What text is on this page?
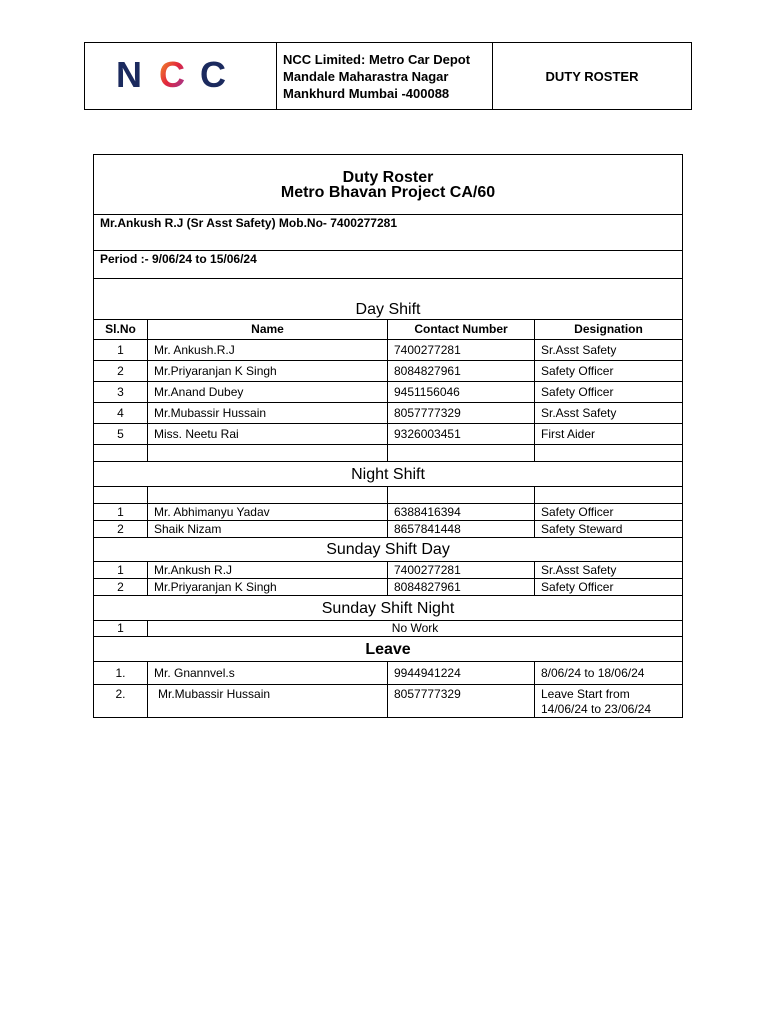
N C C	NCC Limited: Metro Car Depot
Mandale Maharastra Nagar
Mankhurd Mumbai -400088
	DUTY ROSTER
Duty Roster
Metro Bhavan Project CA/60			

Mr.Ankush R.J (Sr Asst Safety) Mob.No- 7400277281			
Period :- 9/06/24 to 15/06/24			
Day Shift			
Sl.No	Name	Contact Number	Designation
1	Mr. Ankush.R.J	7400277281	Sr.Asst Safety
2	Mr.Priyaranjan K Singh	8084827961	Safety Officer
3	Mr.Anand Dubey	9451156046	Safety Officer
4	Mr.Mubassir Hussain	8057777329	Sr.Asst Safety
5	Miss. Neetu Rai	9326003451	First Aider

Night Shift			

1	Mr. Abhimanyu Yadav	6388416394	Safety Officer
2	Shaik Nizam	8657841448	Safety Steward
Sunday Shift Day			
1	Mr.Ankush R.J	7400277281	Sr.Asst Safety
2	Mr.Priyaranjan K Singh	8084827961	Safety Officer
Sunday Shift Night			
1	No Work		
Leave			
1.	Mr. Gnannvel.s	9944941224	8/06/24 to 18/06/24
2.	Mr.Mubassir Hussain	8057777329	Leave Start from 14/06/24 to 23/06/24
